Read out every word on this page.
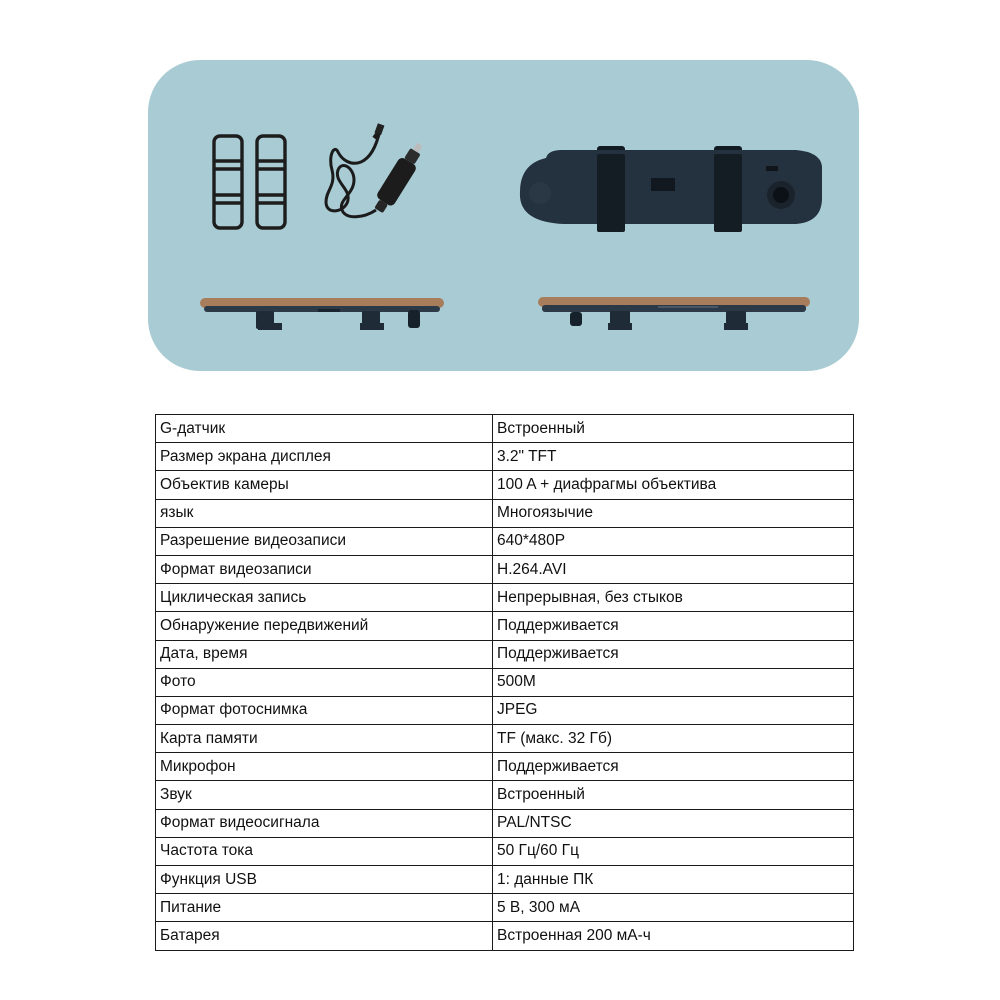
G-датчик	Встроенный
Размер экрана дисплея	3.2" TFT
Объектив камеры	100 A + диафрагмы объектива
язык	Многоязычие
Разрешение видеозаписи	640*480P
Формат видеозаписи	H.264.AVI
Циклическая запись	Непрерывная, без стыков
Обнаружение передвижений	Поддерживается
Дата, время	Поддерживается
Фото	500M
Формат фотоснимка	JPEG
Карта памяти	TF (макс. 32 Гб)
Микрофон	Поддерживается
Звук	Встроенный
Формат видеосигнала	PAL/NTSC
Частота тока	50 Гц/60 Гц
Функция USB	1: данные ПК
Питание	5 В, 300 мА
Батарея	Встроенная 200 мА-ч
